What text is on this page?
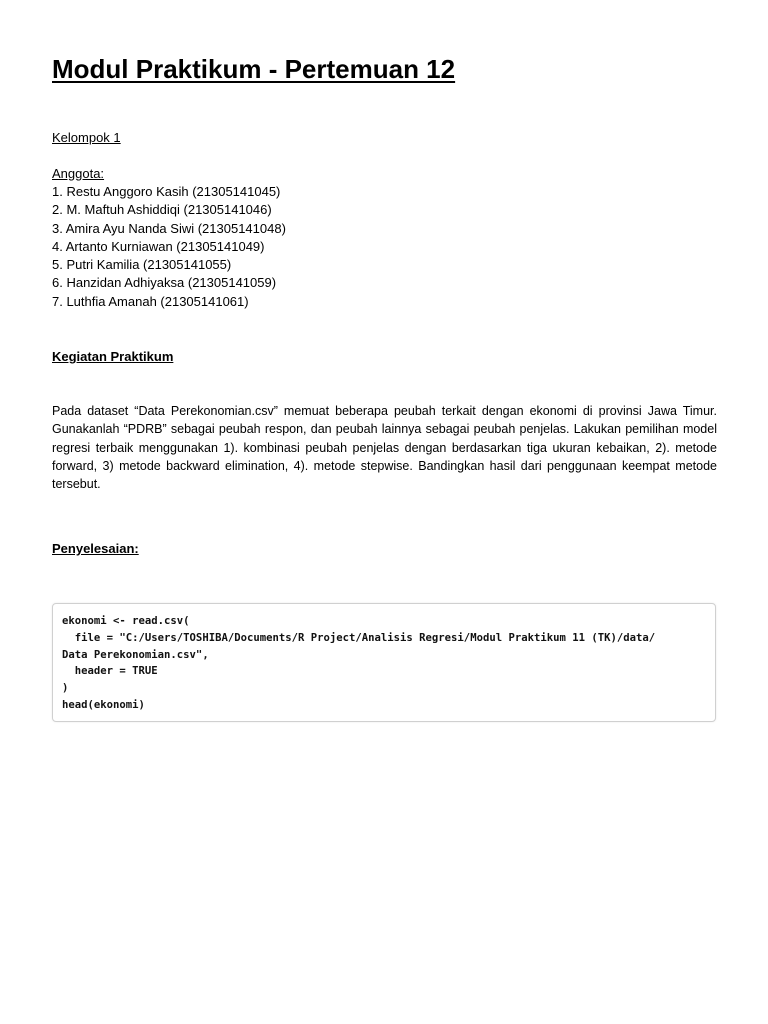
Modul Praktikum - Pertemuan 12
Kelompok 1
Anggota:
1. Restu Anggoro Kasih (21305141045)
2. M. Maftuh Ashiddiqi (21305141046)
3. Amira Ayu Nanda Siwi (21305141048)
4. Artanto Kurniawan (21305141049)
5. Putri Kamilia (21305141055)
6. Hanzidan Adhiyaksa (21305141059)
7. Luthfia Amanah (21305141061)
Kegiatan Praktikum

Pada dataset “Data Perekonomian.csv” memuat beberapa peubah terkait dengan ekonomi di provinsi Jawa Timur. Gunakanlah “PDRB” sebagai peubah respon, dan peubah lainnya sebagai peubah penjelas. Lakukan pemilihan model regresi terbaik menggunakan 1). kombinasi peubah penjelas dengan berdasarkan tiga ukuran kebaikan, 2). metode forward, 3) metode backward elimination, 4). metode stepwise. Bandingkan hasil dari penggunaan keempat metode tersebut.

Penyelesaian:
ekonomi <- read.csv(
file = "C:/Users/TOSHIBA/Documents/R Project/Analisis Regresi/Modul Praktikum 11 (TK)/data/
Data Perekonomian.csv",
header = TRUE
)
head(ekonomi)
